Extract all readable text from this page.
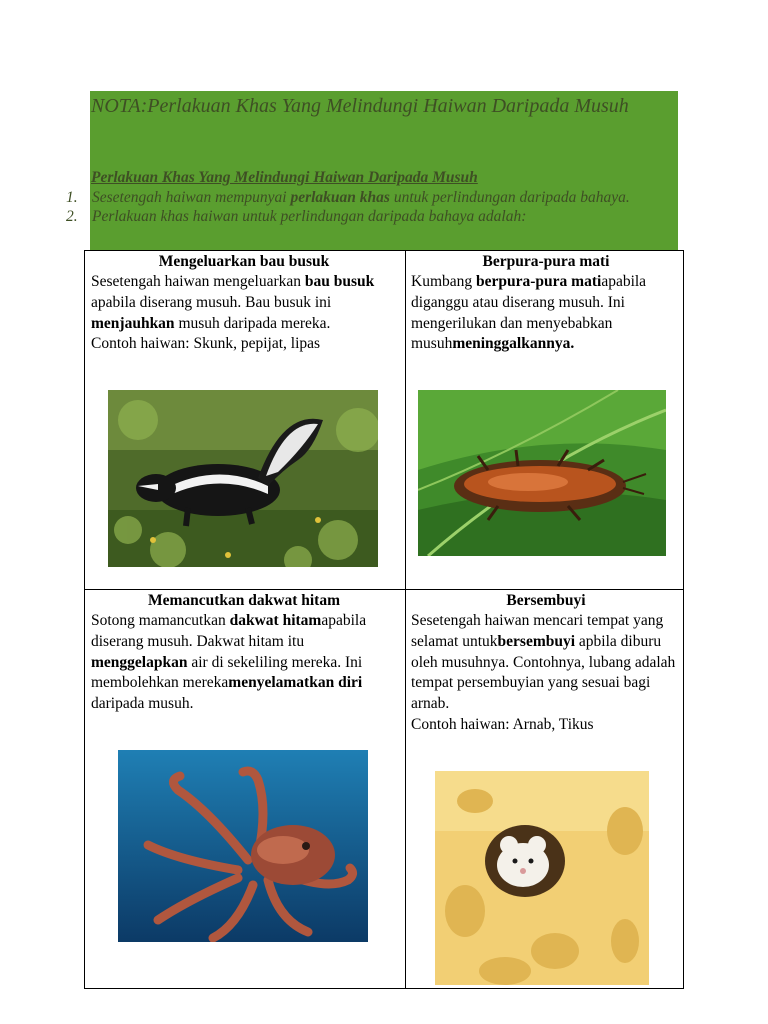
NOTA:Perlakuan Khas Yang Melindungi Haiwan Daripada Musuh
Perlakuan Khas Yang Melindungi Haiwan Daripada Musuh
1. Sesetengah haiwan mempunyai perlakuan khas untuk perlindungan daripada bahaya.
2. Perlakuan khas haiwan untuk perlindungan daripada bahaya adalah:
Mengeluarkan bau busuk

Sesetengah haiwan mengeluarkan bau busuk apabila diserang musuh. Bau busuk ini menjauhkan musuh daripada mereka.

Contoh haiwan: Skunk, pepijat, lipas

Berpura-pura mati

Kumbang berpura-pura matiapabila diganggu atau diserang musuh. Ini mengerilukan dan menyebabkan musuhmeninggalkannya.

Memancutkan dakwat hitam

Sotong mamancutkan dakwat hitamapabila diserang musuh. Dakwat hitam itu menggelapkan air di sekeliling mereka. Ini membolehkan merekamenyelamatkan diri daripada musuh.

Bersembuyi

Sesetengah haiwan mencari tempat yang selamat untukbersembuyi apbila diburu oleh musuhnya. Contohnya, lubang adalah tempat persembuyian yang sesuai bagi arnab.

Contoh haiwan: Arnab, Tikus
